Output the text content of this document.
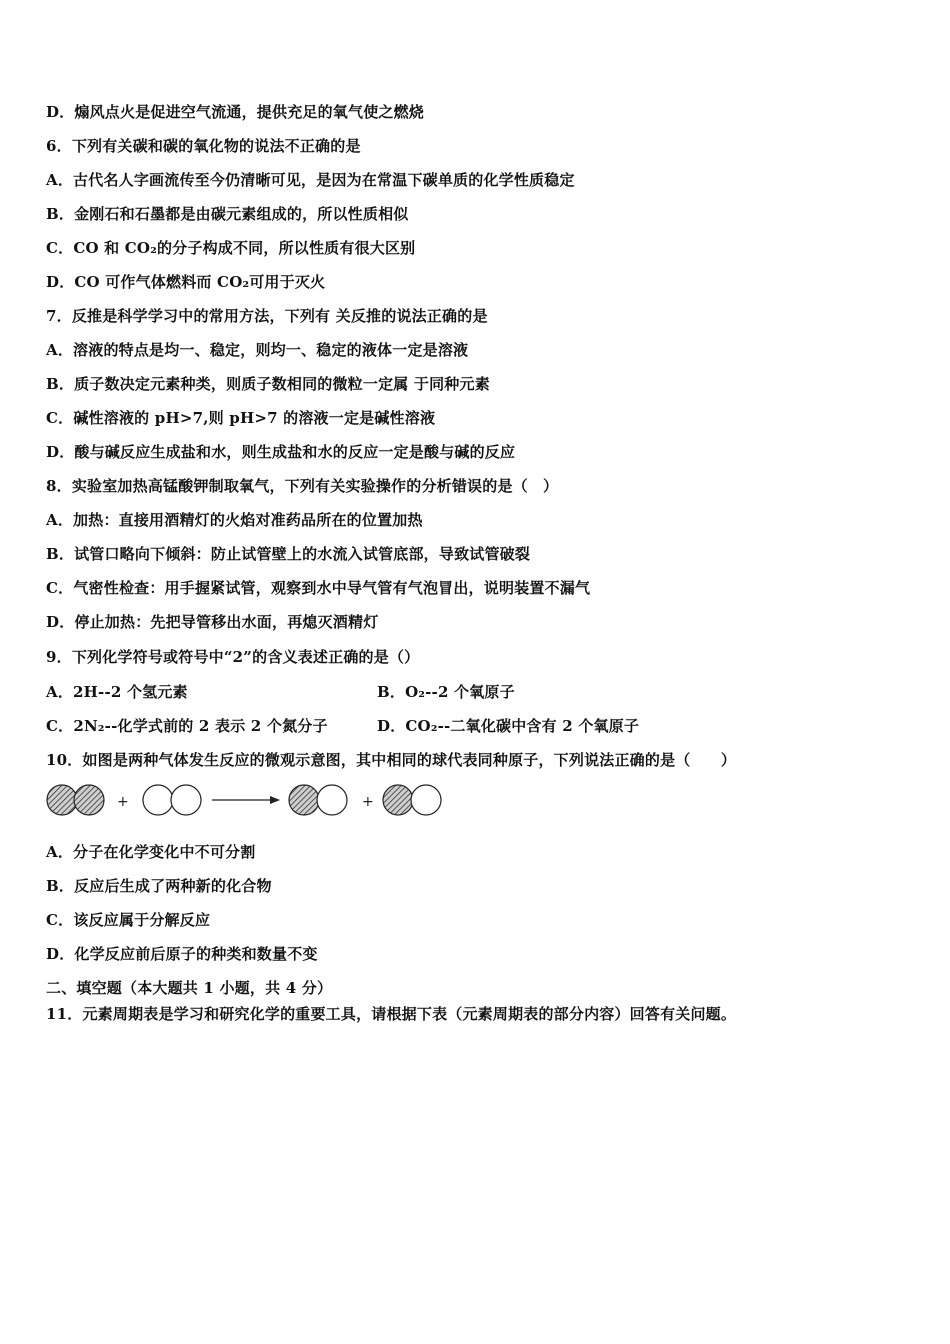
D．煽风点火是促进空气流通，提供充足的氧气使之燃烧
6．下列有关碳和碳的氧化物的说法不正确的是
A．古代名人字画流传至今仍清晰可见，是因为在常温下碳单质的化学性质稳定
B．金刚石和石墨都是由碳元素组成的，所以性质相似
C．CO 和 CO₂的分子构成不同，所以性质有很大区别
D．CO 可作气体燃料而 CO₂可用于灭火
7．反推是科学学习中的常用方法，下列有 关反推的说法正确的是
A．溶液的特点是均一、稳定，则均一、稳定的液体一定是溶液
B．质子数决定元素种类，则质子数相同的微粒一定属 于同种元素
C．碱性溶液的 pH>7,则 pH>7 的溶液一定是碱性溶液
D．酸与碱反应生成盐和水，则生成盐和水的反应一定是酸与碱的反应
8．实验室加热高锰酸钾制取氧气，下列有关实验操作的分析错误的是（　）
A．加热：直接用酒精灯的火焰对准药品所在的位置加热
B．试管口略向下倾斜：防止试管壁上的水流入试管底部，导致试管破裂
C．气密性检查：用手握紧试管，观察到水中导气管有气泡冒出，说明装置不漏气
D．停止加热：先把导管移出水面，再熄灭酒精灯
9．下列化学符号或符号中“2”的含义表述正确的是（）
A．2H--2 个氢元素	B．O₂--2 个氧原子
C．2N₂--化学式前的 2 表示 2 个氮分子	D．CO₂--二氧化碳中含有 2 个氧原子
10．如图是两种气体发生反应的微观示意图，其中相同的球代表同种原子，下列说法正确的是（　　）
+	+
A．分子在化学变化中不可分割
B．反应后生成了两种新的化合物
C．该反应属于分解反应
D．化学反应前后原子的种类和数量不变
二、填空题（本大题共 1 小题，共 4 分）
11．元素周期表是学习和研究化学的重要工具，请根据下表（元素周期表的部分内容）回答有关问题。
